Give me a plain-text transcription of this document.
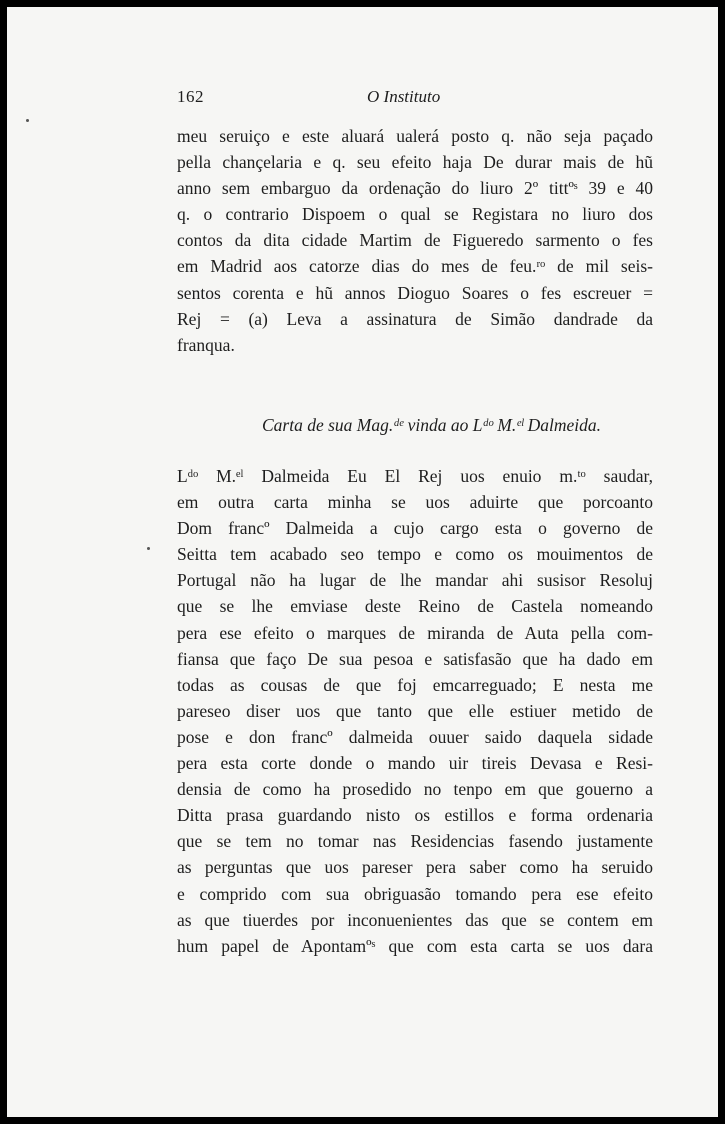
162	O Instituto
meu seruiço e este aluará ualerá posto q. não seja paçado
pella chançelaria e q. seu efeito haja De durar mais de hũ
anno sem embarguo da ordenação do liuro 2º tittºˢ 39 e 40
q. o contrario Dispoem o qual se Registara no liuro dos
contos da dita cidade Martim de Figueredo sarmento o fes
em Madrid aos catorze dias do mes de feu.ʳᵒ de mil seis-
sentos corenta e hũ annos Dioguo Soares o fes escreuer =
Rej = (a) Leva a assinatura de Simão dandrade da
franqua.
Carta de sua Mag.ᵈᵉ vinda ao Lᵈᵒ M.ᵉˡ Dalmeida.
Lᵈᵒ M.ᵉˡ Dalmeida Eu El Rej uos enuio m.ᵗᵒ saudar,
em outra carta minha se uos aduirte que porcoanto
Dom francº Dalmeida a cujo cargo esta o governo de
Seitta tem acabado seo tempo e como os mouimentos de
Portugal não ha lugar de lhe mandar ahi susisor Resoluj
que se lhe emviase deste Reino de Castela nomeando
pera ese efeito o marques de miranda de Auta pella com-
fiansa que faço De sua pesoa e satisfasão que ha dado em
todas as cousas de que foj emcarreguado; E nesta me
pareseo diser uos que tanto que elle estiuer metido de
pose e don francº dalmeida ouuer saido daquela sidade
pera esta corte donde o mando uir tireis Devasa e Resi-
densia de como ha prosedido no tenpo em que gouerno a
Ditta prasa guardando nisto os estillos e forma ordenaria
que se tem no tomar nas Residencias fasendo justamente
as perguntas que uos pareser pera saber como ha seruido
e comprido com sua obriguasão tomando pera ese efeito
as que tiuerdes por inconuenientes das que se contem em
hum papel de Apontamºˢ que com esta carta se uos dara
